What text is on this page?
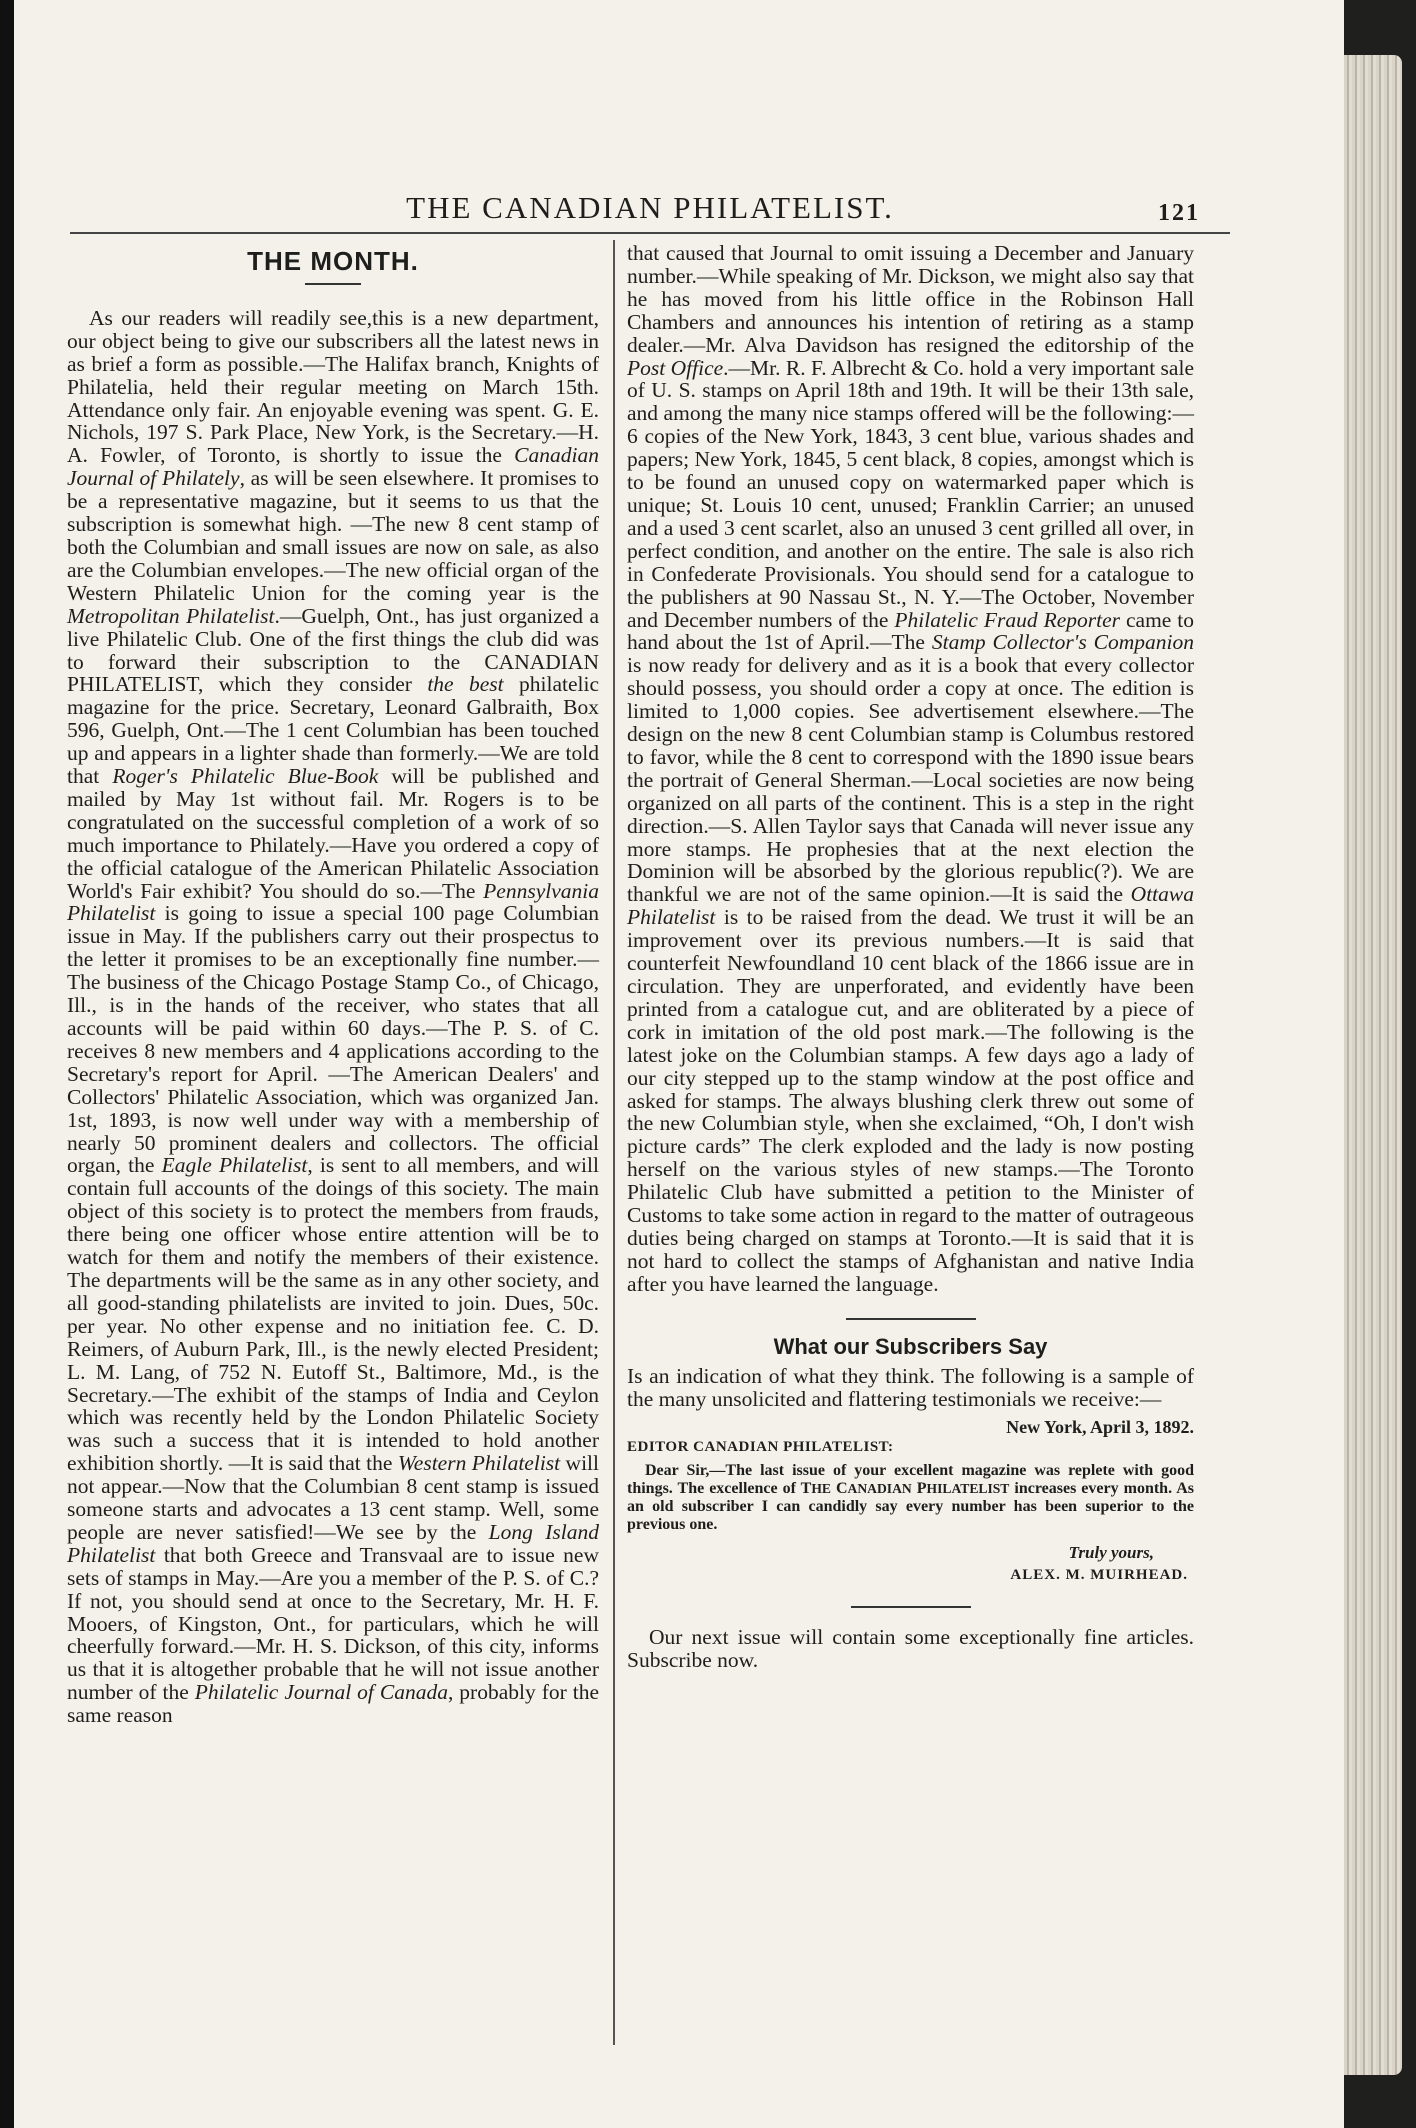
THE CANADIAN PHILATELIST.	121
THE MONTH.

As our readers will readily see,this is a new department, our object being to give our subscribers all the latest news in as brief a form as possible.—The Halifax branch, Knights of Philatelia, held their regular meeting on March 15th. Attendance only fair. An enjoyable evening was spent. G. E. Nichols, 197 S. Park Place, New York, is the Secretary.—H. A. Fowler, of Toronto, is shortly to issue the Canadian Journal of Philately, as will be seen elsewhere. It promises to be a representative magazine, but it seems to us that the subscription is somewhat high. —The new 8 cent stamp of both the Columbian and small issues are now on sale, as also are the Columbian envelopes.—The new official organ of the Western Philatelic Union for the coming year is the Metropolitan Philatelist.—Guelph, Ont., has just organized a live Philatelic Club. One of the first things the club did was to forward their subscription to the CANADIAN PHILATELIST, which they consider the best philatelic magazine for the price. Secretary, Leonard Galbraith, Box 596, Guelph, Ont.—The 1 cent Columbian has been touched up and appears in a lighter shade than formerly.—We are told that Roger's Philatelic Blue-Book will be published and mailed by May 1st without fail. Mr. Rogers is to be congratulated on the successful completion of a work of so much importance to Philately.—Have you ordered a copy of the official catalogue of the American Philatelic Association World's Fair exhibit? You should do so.—The Pennsylvania Philatelist is going to issue a special 100 page Columbian issue in May. If the publishers carry out their prospectus to the letter it promises to be an exceptionally fine number.—The business of the Chicago Postage Stamp Co., of Chicago, Ill., is in the hands of the receiver, who states that all accounts will be paid within 60 days.—The P. S. of C. receives 8 new members and 4 applications according to the Secretary's report for April. —The American Dealers' and Collectors' Philatelic Association, which was organized Jan. 1st, 1893, is now well under way with a membership of nearly 50 prominent dealers and collectors. The official organ, the Eagle Philatelist, is sent to all members, and will contain full accounts of the doings of this society. The main object of this society is to protect the members from frauds, there being one officer whose entire attention will be to watch for them and notify the members of their existence. The departments will be the same as in any other society, and all good-standing philatelists are invited to join. Dues, 50c. per year. No other expense and no initiation fee. C. D. Reimers, of Auburn Park, Ill., is the newly elected President; L. M. Lang, of 752 N. Eutoff St., Baltimore, Md., is the Secretary.—The exhibit of the stamps of India and Ceylon which was recently held by the London Philatelic Society was such a success that it is intended to hold another exhibition shortly. —It is said that the Western Philatelist will not appear.—Now that the Columbian 8 cent stamp is issued someone starts and advocates a 13 cent stamp. Well, some people are never satisfied!—We see by the Long Island Philatelist that both Greece and Transvaal are to issue new sets of stamps in May.—Are you a member of the P. S. of C.? If not, you should send at once to the Secretary, Mr. H. F. Mooers, of Kingston, Ont., for particulars, which he will cheerfully forward.—Mr. H. S. Dickson, of this city, informs us that it is altogether probable that he will not issue another number of the Philatelic Journal of Canada, probably for the same reason

that caused that Journal to omit issuing a December and January number.—While speaking of Mr. Dickson, we might also say that he has moved from his little office in the Robinson Hall Chambers and announces his intention of retiring as a stamp dealer.—Mr. Alva Davidson has resigned the editorship of the Post Office.—Mr. R. F. Albrecht & Co. hold a very important sale of U. S. stamps on April 18th and 19th. It will be their 13th sale, and among the many nice stamps offered will be the following:—6 copies of the New York, 1843, 3 cent blue, various shades and papers; New York, 1845, 5 cent black, 8 copies, amongst which is to be found an unused copy on watermarked paper which is unique; St. Louis 10 cent, unused; Franklin Carrier; an unused and a used 3 cent scarlet, also an unused 3 cent grilled all over, in perfect condition, and another on the entire. The sale is also rich in Confederate Provisionals. You should send for a catalogue to the publishers at 90 Nassau St., N. Y.—The October, November and December numbers of the Philatelic Fraud Reporter came to hand about the 1st of April.—The Stamp Collector's Companion is now ready for delivery and as it is a book that every collector should possess, you should order a copy at once. The edition is limited to 1,000 copies. See advertisement elsewhere.—The design on the new 8 cent Columbian stamp is Columbus restored to favor, while the 8 cent to correspond with the 1890 issue bears the portrait of General Sherman.—Local societies are now being organized on all parts of the continent. This is a step in the right direction.—S. Allen Taylor says that Canada will never issue any more stamps. He prophesies that at the next election the Dominion will be absorbed by the glorious republic(?). We are thankful we are not of the same opinion.—It is said the Ottawa Philatelist is to be raised from the dead. We trust it will be an improvement over its previous numbers.—It is said that counterfeit Newfoundland 10 cent black of the 1866 issue are in circulation. They are unperforated, and evidently have been printed from a catalogue cut, and are obliterated by a piece of cork in imitation of the old post mark.—The following is the latest joke on the Columbian stamps. A few days ago a lady of our city stepped up to the stamp window at the post office and asked for stamps. The always blushing clerk threw out some of the new Columbian style, when she exclaimed, “Oh, I don't wish picture cards” The clerk exploded and the lady is now posting herself on the various styles of new stamps.—The Toronto Philatelic Club have submitted a petition to the Minister of Customs to take some action in regard to the matter of outrageous duties being charged on stamps at Toronto.—It is said that it is not hard to collect the stamps of Afghanistan and native India after you have learned the language.

What our Subscribers Say

Is an indication of what they think. The following is a sample of the many unsolicited and flattering testimonials we receive:—

New York, April 3, 1892.
EDITOR CANADIAN PHILATELIST:

Dear Sir,—The last issue of your excellent magazine was replete with good things. The excellence of THE CANADIAN PHILATELIST increases every month. As an old subscriber I can candidly say every number has been superior to the previous one.

Truly yours,
ALEX. M. MUIRHEAD.

Our next issue will contain some exceptionally fine articles. Subscribe now.
